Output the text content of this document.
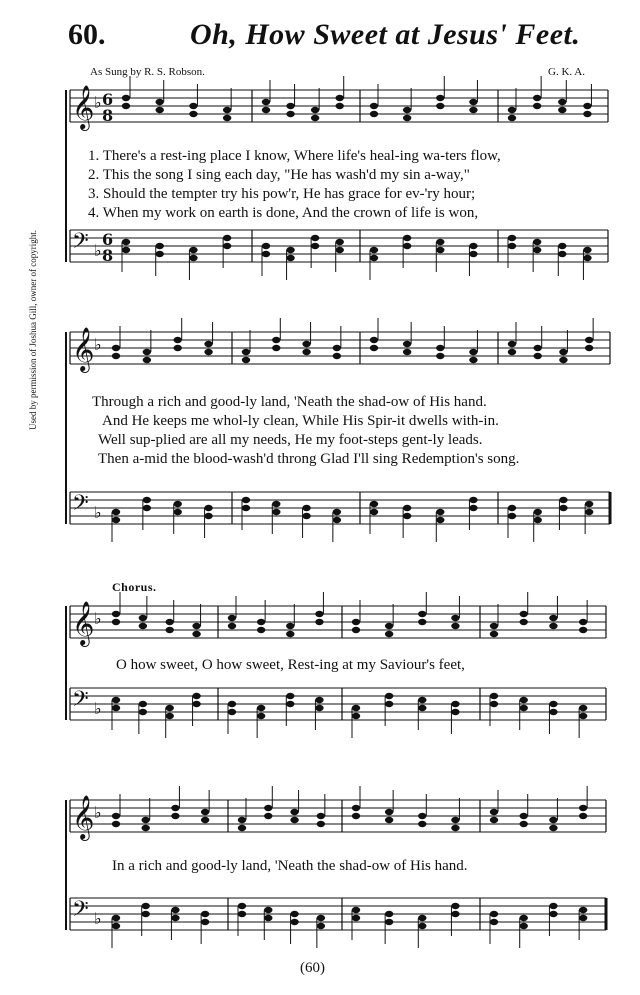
60.	Oh, How Sweet at Jesus' Feet.
As Sung by R. S. Robson.	G. K. A.
Used by permission of Joshua Gill, owner of copyright.
Chorus.
𝄞 ♭ 6
8
𝄢 ♭
6
8
𝄞 ♭
𝄢 ♭
𝄞 ♭
𝄢 ♭
𝄞 ♭
𝄢 ♭
1. There's a rest-ing place I know, Where life's heal-ing wa-ters flow,
2. This the song I sing each day, "He has wash'd my sin a-way,"
3. Should the tempter try his pow'r, He has grace for ev-'ry hour;
4. When my work on earth is done, And the crown of life is won,
Through a rich and good-ly land, 'Neath the shad-ow of His hand.
And He keeps me whol-ly clean, While His Spir-it dwells with-in.
Well sup-plied are all my needs, He my foot-steps gent-ly leads.
Then a-mid the blood-wash'd throng Glad I'll sing Redemption's song.
O how sweet, O how sweet, Rest-ing at my Saviour's feet,
In a rich and good-ly land, 'Neath the shad-ow of His hand.
(60)
